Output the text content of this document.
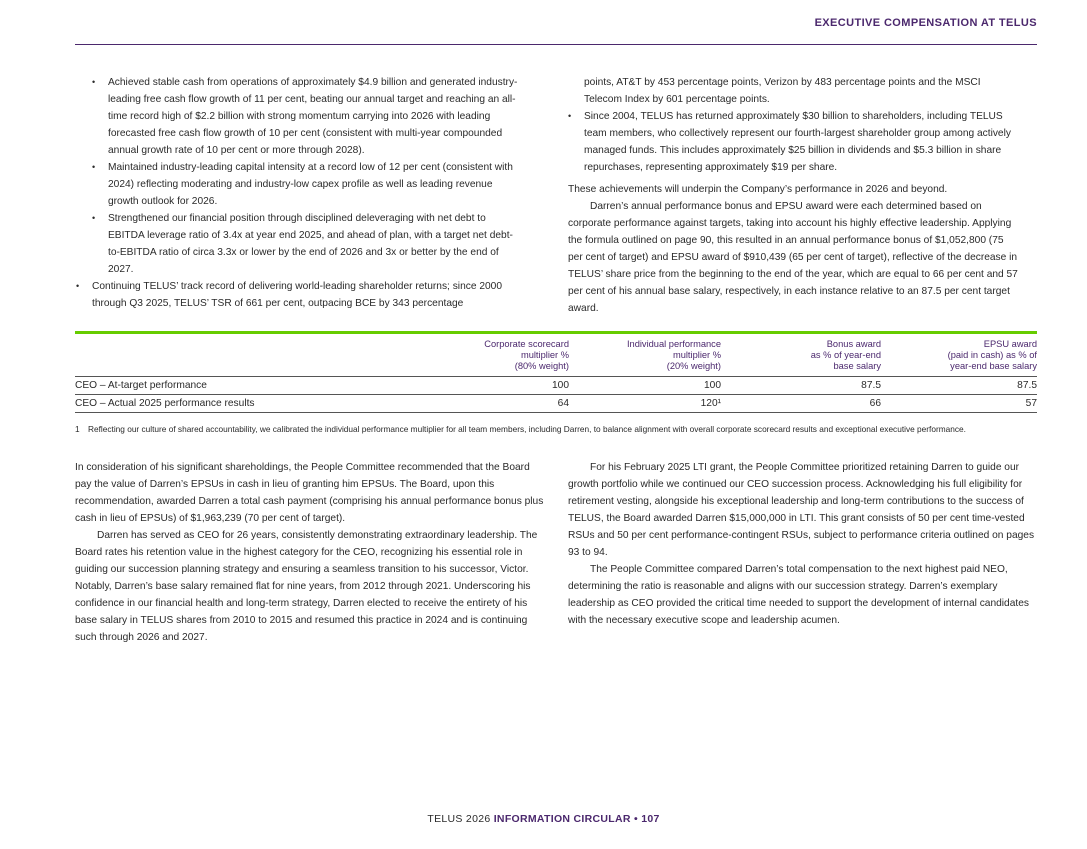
EXECUTIVE COMPENSATION AT TELUS
• Achieved stable cash from operations of approximately $4.9 billion and generated industry-leading free cash flow growth of 11 per cent, beating our annual target and reaching an all-time record high of $2.2 billion with strong momentum carrying into 2026 with leading forecasted free cash flow growth of 10 per cent (consistent with multi-year compounded annual growth rate of 10 per cent or more through 2028).
• Maintained industry-leading capital intensity at a record low of 12 per cent (consistent with 2024) reflecting moderating and industry-low capex profile as well as leading revenue growth outlook for 2026.
• Strengthened our financial position through disciplined deleveraging with net debt to EBITDA leverage ratio of 3.4x at year end 2025, and ahead of plan, with a target net debt-to-EBITDA ratio of circa 3.3x or lower by the end of 2026 and 3x or better by the end of 2027.
• Continuing TELUS’ track record of delivering world-leading shareholder returns; since 2000 through Q3 2025, TELUS’ TSR of 661 per cent, outpacing BCE by 343 percentage

points, AT&T by 453 percentage points, Verizon by 483 percentage points and the MSCI Telecom Index by 601 percentage points.

• Since 2004, TELUS has returned approximately $30 billion to shareholders, including TELUS team members, who collectively represent our fourth-largest shareholder group among actively managed funds. This includes approximately $25 billion in dividends and $5.3 billion in share repurchases, representing approximately $19 per share.

These achievements will underpin the Company’s performance in 2026 and beyond.

Darren’s annual performance bonus and EPSU award were each determined based on corporate performance against targets, taking into account his highly effective leadership. Applying the formula outlined on page 90, this resulted in an annual performance bonus of $1,052,800 (75 per cent of target) and EPSU award of $910,439 (65 per cent of target), reflective of the decrease in TELUS’ share price from the beginning to the end of the year, which are equal to 66 per cent and 57 per cent of his annual base salary, respectively, in each instance relative to an 87.5 per cent target award.

	Corporate scorecard
multiplier %
(80% weight)	Individual performance
multiplier %
(20% weight)	Bonus award
as % of year-end
base salary	EPSU award
(paid in cash) as % of
year-end base salary

CEO – At-target performance	100	100	87.5	87.5
CEO – Actual 2025 performance results	64	120¹	66	57
1	Reflecting our culture of shared accountability, we calibrated the individual performance multiplier for all team members, including Darren, to balance alignment with overall corporate scorecard results and exceptional executive performance.

In consideration of his significant shareholdings, the People Committee recommended that the Board pay the value of Darren’s EPSUs in cash in lieu of granting him EPSUs. The Board, upon this recommendation, awarded Darren a total cash payment (comprising his annual performance bonus plus cash in lieu of EPSUs) of $1,963,239 (70 per cent of target).

Darren has served as CEO for 26 years, consistently demonstrating extraordinary leadership. The Board rates his retention value in the highest category for the CEO, recognizing his essential role in guiding our succession planning strategy and ensuring a seamless transition to his successor, Victor. Notably, Darren’s base salary remained flat for nine years, from 2012 through 2021. Underscoring his confidence in our financial health and long-term strategy, Darren elected to receive the entirety of his base salary in TELUS shares from 2010 to 2015 and resumed this practice in 2024 and is continuing such through 2026 and 2027.

For his February 2025 LTI grant, the People Committee prioritized retaining Darren to guide our growth portfolio while we continued our CEO succession process. Acknowledging his full eligibility for retirement vesting, alongside his exceptional leadership and long-term contributions to the success of TELUS, the Board awarded Darren $15,000,000 in LTI. This grant consists of 50 per cent time-vested RSUs and 50 per cent performance-contingent RSUs, subject to performance criteria outlined on pages 93 to 94.

The People Committee compared Darren’s total compensation to the next highest paid NEO, determining the ratio is reasonable and aligns with our succession strategy. Darren’s exemplary leadership as CEO provided the critical time needed to support the development of internal candidates with the necessary executive scope and leadership acumen.

TELUS 2026 INFORMATION CIRCULAR • 107
